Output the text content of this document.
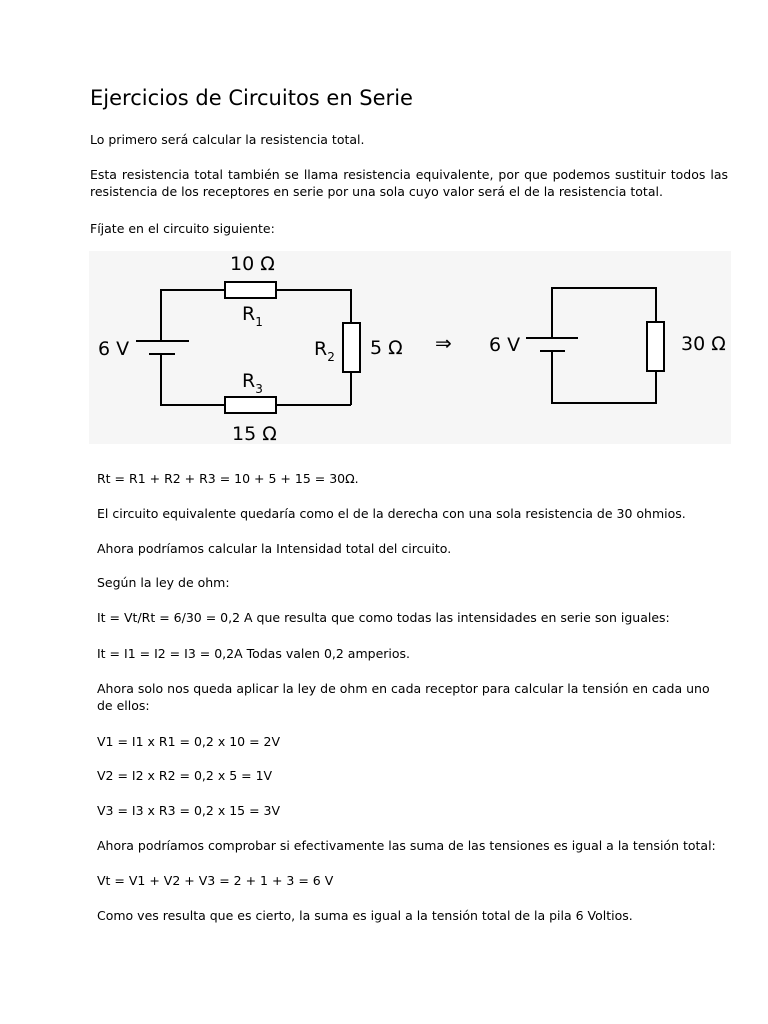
Ejercicios de Circuitos en Serie
Lo primero será calcular la resistencia total.
Esta resistencia total también se llama resistencia equivalente, por que podemos sustituir todos las resistencia de los receptores en serie por una sola cuyo valor será el de la resistencia total.
Fíjate en el circuito siguiente:
10 Ω
$R_1$
$R_2$ 5 Ω
$R_3$
15 Ω
6 V	⇒ 6 V	30 Ω
Rt = R1 + R2 + R3 = 10 + 5 + 15 = 30Ω.
El circuito equivalente quedaría como el de la derecha con una sola resistencia de 30 ohmios.
Ahora podríamos calcular la Intensidad total del circuito.
Según la ley de ohm:
It = Vt/Rt = 6/30 = 0,2 A que resulta que como todas las intensidades en serie son iguales:
It = I1 = I2 = I3 = 0,2A Todas valen 0,2 amperios.
Ahora solo nos queda aplicar la ley de ohm en cada receptor para calcular la tensión en cada uno de ellos:
V1 = I1 x R1 = 0,2 x 10 = 2V
V2 = I2 x R2 = 0,2 x 5 = 1V
V3 = I3 x R3 = 0,2 x 15 = 3V
Ahora podríamos comprobar si efectivamente las suma de las tensiones es igual a la tensión total:
Vt = V1 + V2 + V3 = 2 + 1 + 3 = 6 V
Como ves resulta que es cierto, la suma es igual a la tensión total de la pila 6 Voltios.
